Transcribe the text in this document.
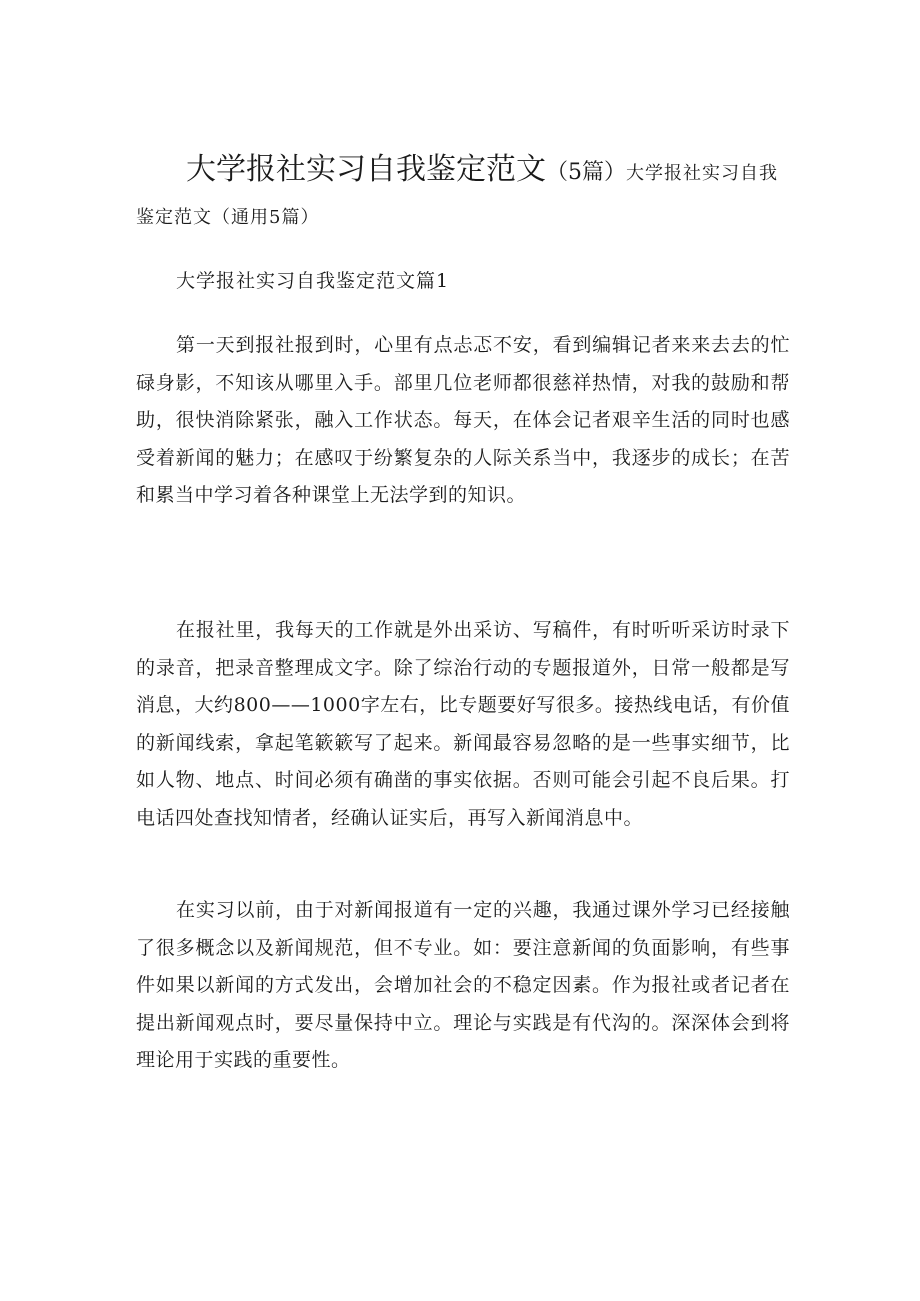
大学报社实习自我鉴定范文（5篇）大学报社实习自我鉴定范文（通用5篇）
大学报社实习自我鉴定范文篇1

第一天到报社报到时，心里有点忐忑不安，看到编辑记者来来去去的忙碌身影，不知该从哪里入手。部里几位老师都很慈祥热情，对我的鼓励和帮助，很快消除紧张，融入工作状态。每天，在体会记者艰辛生活的同时也感受着新闻的魅力；在感叹于纷繁复杂的人际关系当中，我逐步的成长；在苦和累当中学习着各种课堂上无法学到的知识。

在报社里，我每天的工作就是外出采访、写稿件，有时听听采访时录下的录音，把录音整理成文字。除了综治行动的专题报道外，日常一般都是写消息，大约800——1000字左右，比专题要好写很多。接热线电话，有价值的新闻线索，拿起笔簌簌写了起来。新闻最容易忽略的是一些事实细节，比如人物、地点、时间必须有确凿的事实依据。否则可能会引起不良后果。打电话四处查找知情者，经确认证实后，再写入新闻消息中。

在实习以前，由于对新闻报道有一定的兴趣，我通过课外学习已经接触了很多概念以及新闻规范，但不专业。如：要注意新闻的负面影响，有些事件如果以新闻的方式发出，会增加社会的不稳定因素。作为报社或者记者在提出新闻观点时，要尽量保持中立。理论与实践是有代沟的。深深体会到将理论用于实践的重要性。
